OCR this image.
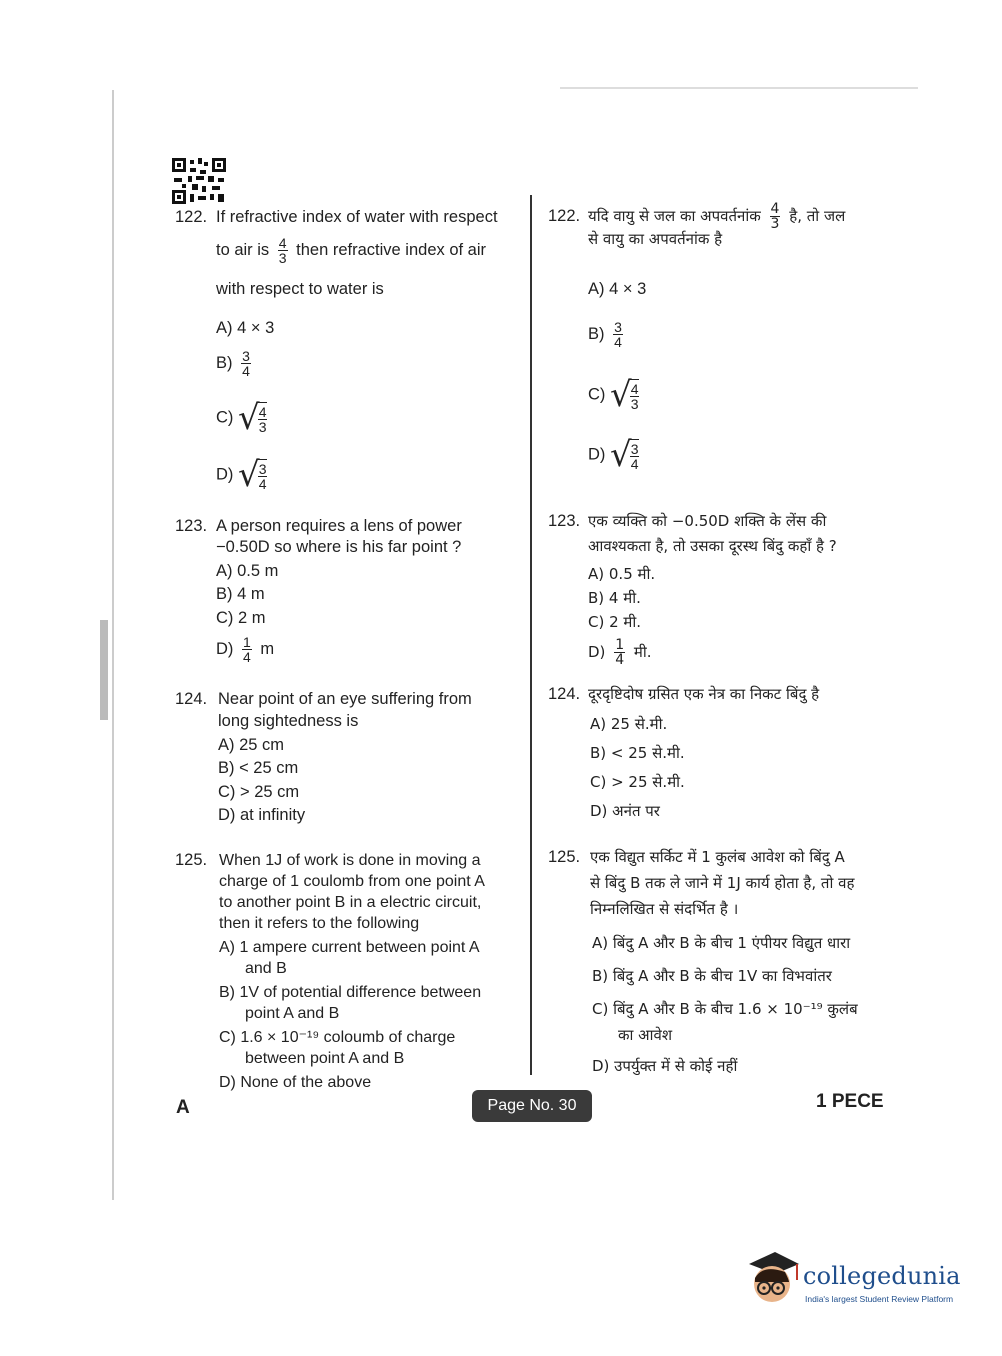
122. If refractive index of water with respect
to air is $\frac{4}{3}$ then refractive index of air
with respect to water is
A) 4 × 3
$B) \frac{3}{4}$
C) √
$\frac{4}{3}$
D) √
$\frac{3}{4}$
122. यदि वायु से जल का अपवर्तनांक $\frac{4}{3}$ है, तो जल
से वायु का अपवर्तनांक है
A) 4 × 3
$B) \frac{3}{4}$
C) √
$\frac{4}{3}$
D) √
$\frac{3}{4}$
123. A person requires a lens of power
−0.50D so where is his far point ?
A) 0.5 m
B) 4 m
C) 2 m
$D) \frac{1}{4}$ m
123. एक व्यक्ति को −0.50D शक्ति के लेंस की
आवश्यकता है, तो उसका दूरस्थ बिंदु कहाँ है ?
A) 0.5 मी.
B) 4 मी.
C) 2 मी.
$D) \frac{1}{4}$ मी.
124. Near point of an eye suffering from
long sightedness is
A) 25 cm
B) < 25 cm
C) > 25 cm
D) at infinity
124. दूरदृष्टिदोष ग्रसित एक नेत्र का निकट बिंदु है
A) 25 से.मी.
B) < 25 से.मी.
C) > 25 से.मी.
D) अनंत पर
125. When 1J of work is done in moving a
charge of 1 coulomb from one point A
to another point B in a electric circuit,
then it refers to the following
A) 1 ampere current between point A
and B
B) 1V of potential difference between
point A and B
C) 1.6 × 10⁻¹⁹ coloumb of charge
between point A and B
D) None of the above
125. एक विद्युत सर्किट में 1 कुलंब आवेश को बिंदु A
से बिंदु B तक ले जाने में 1J कार्य होता है, तो वह
निम्नलिखित से संदर्भित है ।
A) बिंदु A और B के बीच 1 एंपीयर विद्युत धारा
B) बिंदु A और B के बीच 1V का विभवांतर
C) बिंदु A और B के बीच 1.6 × 10⁻¹⁹ कुलंब
का आवेश
D) उपर्युक्त में से कोई नहीं
A	Page No. 30	1 PECE
collegedunia
India's largest Student Review Platform
